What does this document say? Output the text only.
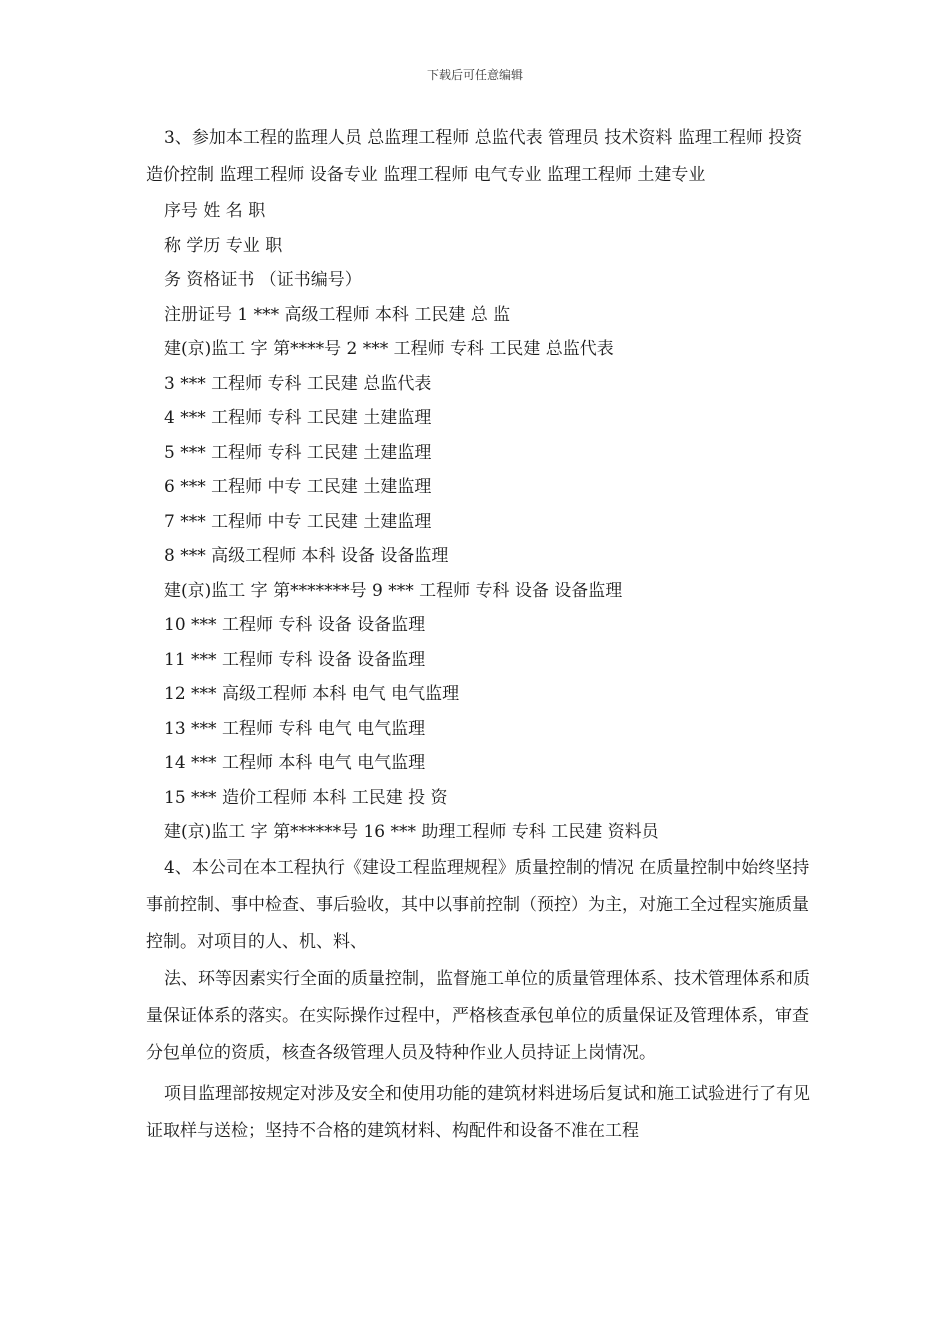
下载后可任意编辑

3、参加本工程的监理人员 总监理工程师 总监代表 管理员 技术资料 监理工程师 投资造价控制 监理工程师 设备专业 监理工程师 电气专业 监理工程师 土建专业

序号 姓 名 职

称 学历 专业 职

务 资格证书 （证书编号）

注册证号 1 *** 高级工程师 本科 工民建 总 监

建(京)监工 字 第****号 2 *** 工程师 专科 工民建 总监代表

3 *** 工程师 专科 工民建 总监代表

4 *** 工程师 专科 工民建 土建监理

5 *** 工程师 专科 工民建 土建监理

6 *** 工程师 中专 工民建 土建监理

7 *** 工程师 中专 工民建 土建监理

8 *** 高级工程师 本科 设备 设备监理

建(京)监工 字 第*******号 9 *** 工程师 专科 设备 设备监理

10 *** 工程师 专科 设备 设备监理

11 *** 工程师 专科 设备 设备监理

12 *** 高级工程师 本科 电气 电气监理

13 *** 工程师 专科 电气 电气监理

14 *** 工程师 本科 电气 电气监理

15 *** 造价工程师 本科 工民建 投 资

建(京)监工 字 第******号 16 *** 助理工程师 专科 工民建 资料员

4、本公司在本工程执行《建设工程监理规程》质量控制的情况 在质量控制中始终坚持事前控制、事中检查、事后验收，其中以事前控制（预控）为主，对施工全过程实施质量控制。对项目的人、机、料、

法、环等因素实行全面的质量控制，监督施工单位的质量管理体系、技术管理体系和质量保证体系的落实。在实际操作过程中，严格核查承包单位的质量保证及管理体系，审查分包单位的资质，核查各级管理人员及特种作业人员持证上岗情况。

项目监理部按规定对涉及安全和使用功能的建筑材料进场后复试和施工试验进行了有见证取样与送检；坚持不合格的建筑材料、构配件和设备不准在工程
